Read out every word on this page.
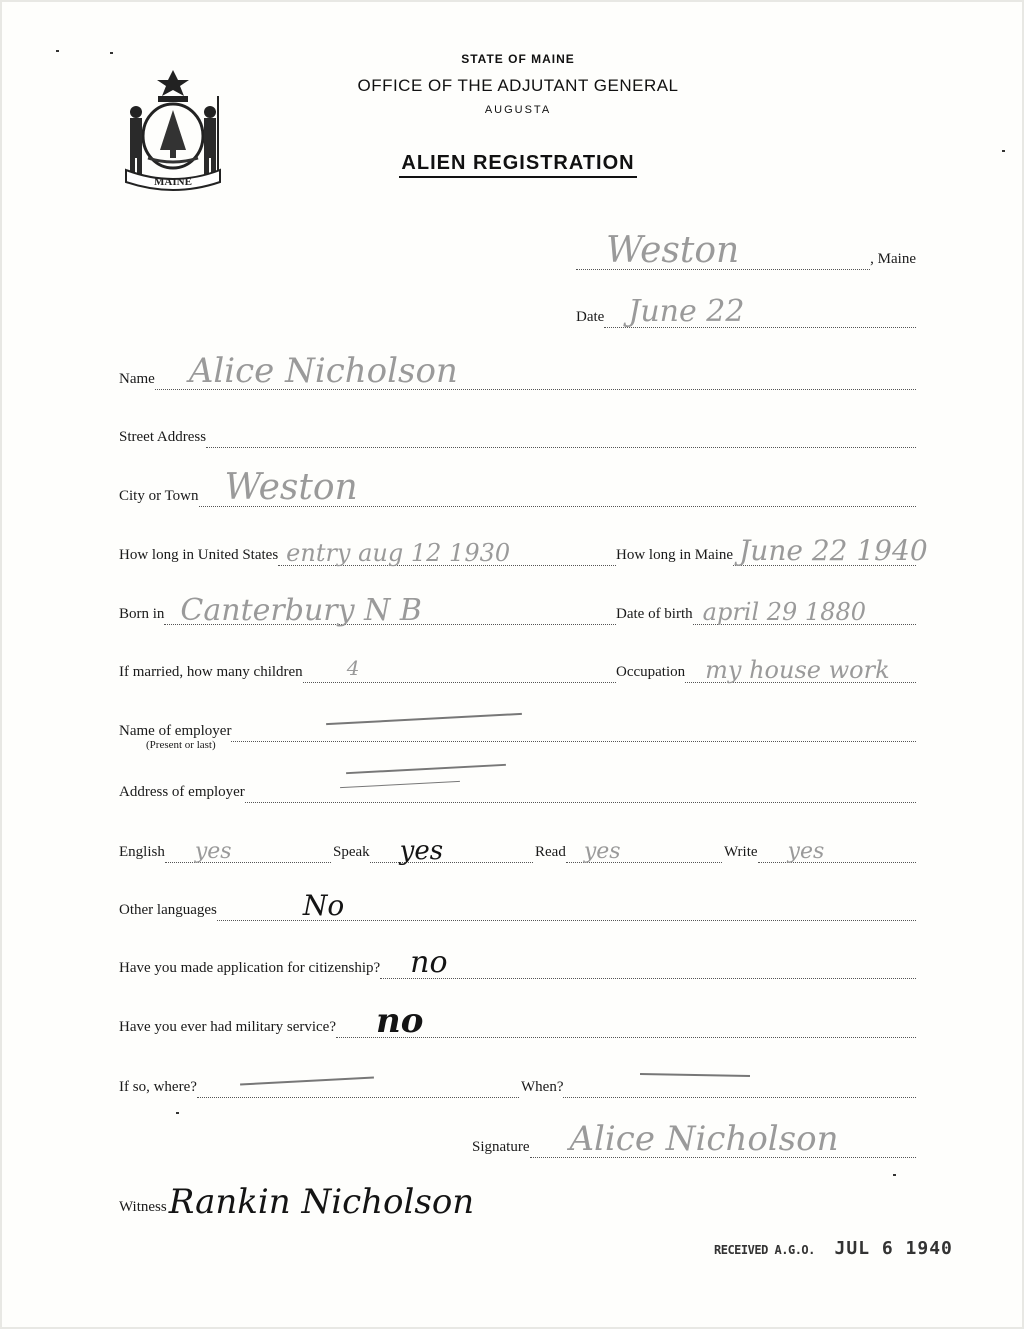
MAINE
STATE OF MAINE
OFFICE OF THE ADJUTANT GENERAL
AUGUSTA
ALIEN REGISTRATION
Weston	, Maine
Date June 22
Name Alice Nicholson
Street Address
City or Town Weston
How long in United States entry aug 12 1930	How long in Maine June 22 1940
Born in Canterbury N B	Date of birth april 29 1880
If married, how many children 4	Occupation my house work
Name of employer
(Present or last)
Address of employer
English yes	Speak yes	Read yes	Write yes
Other languages	No
Have you made application for citizenship? no
Have you ever had military service? no
If so, where?	When?
Signature Alice Nicholson
Witness Rankin Nicholson
RECEIVED A.G.O. JUL 6 1940
